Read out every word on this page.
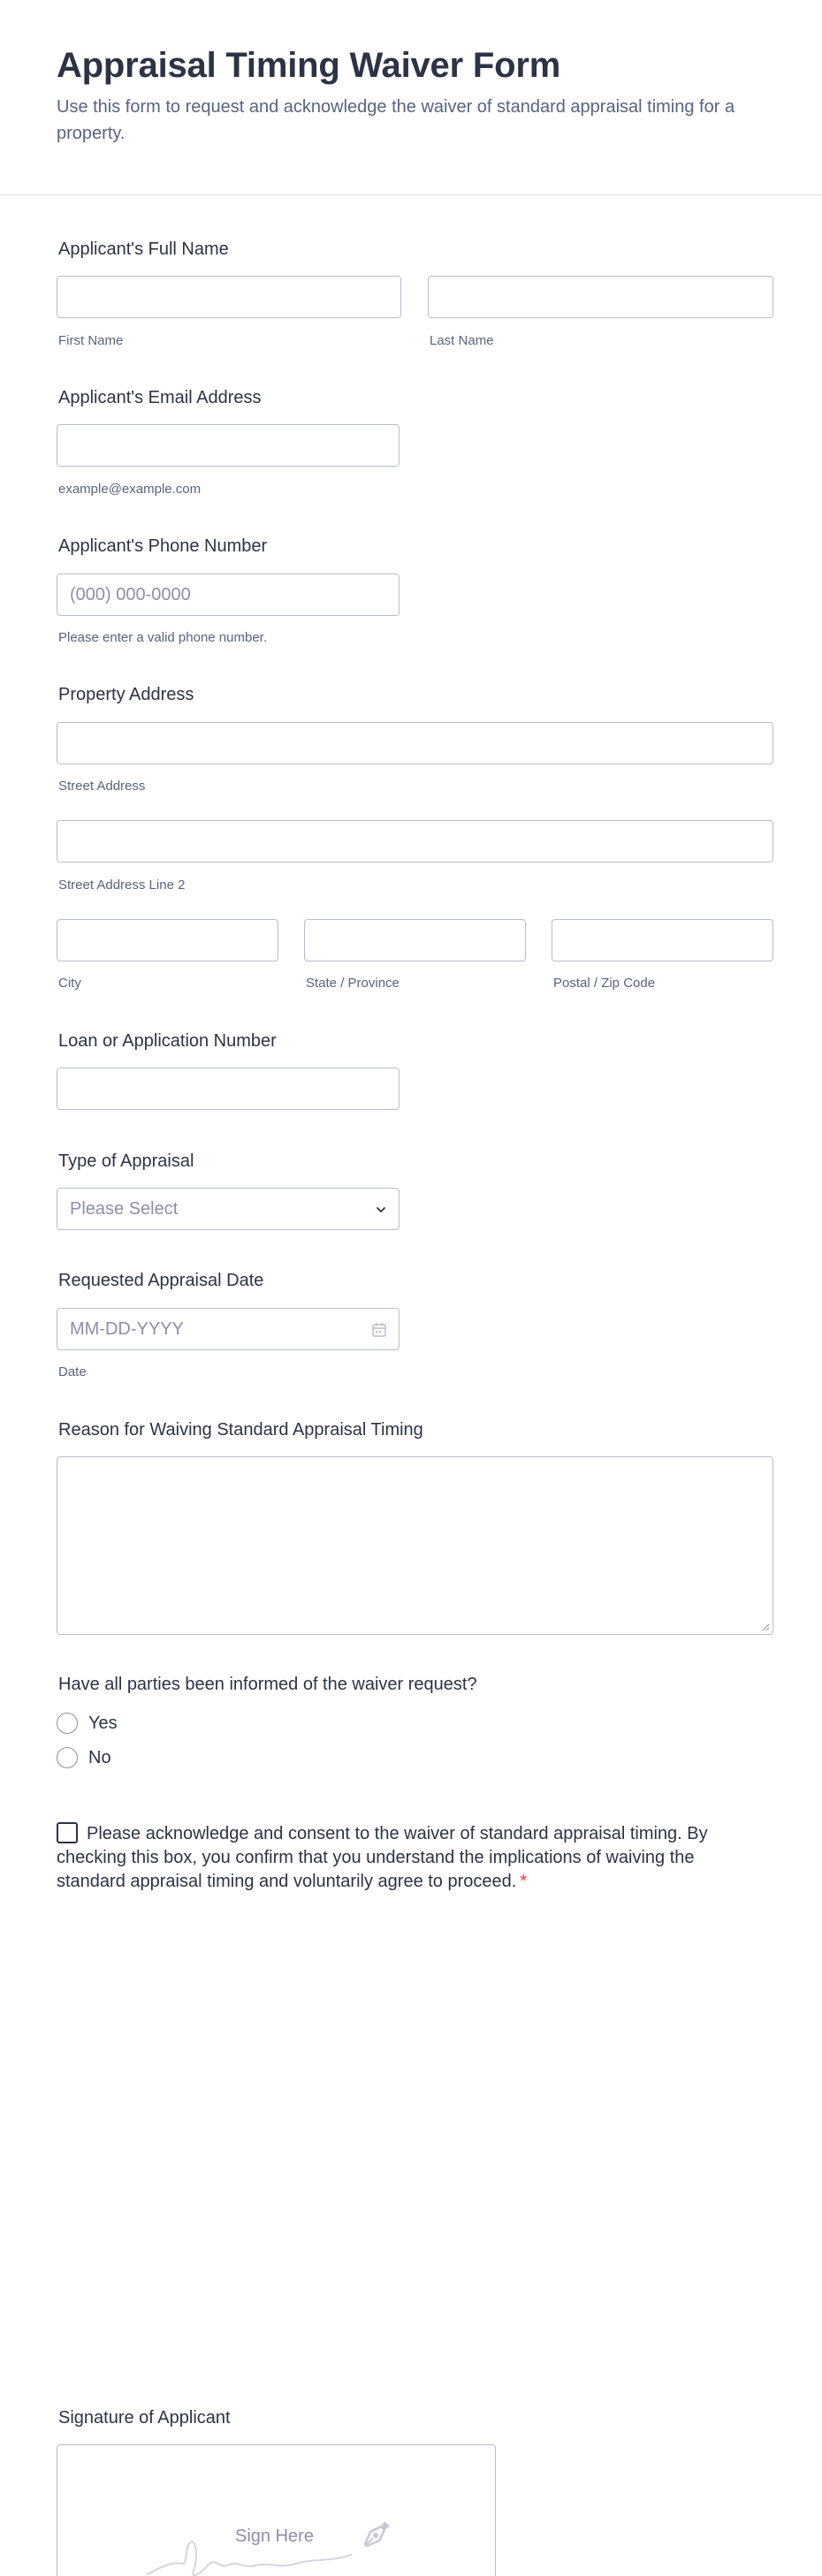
Appraisal Timing Waiver Form
Use this form to request and acknowledge the waiver of standard appraisal timing for a property.
Applicant's Full Name
First Name	Last Name
Applicant's Email Address
example@example.com
Applicant's Phone Number
(000) 000-0000
Please enter a valid phone number.
Property Address
Street Address
Street Address Line 2
City	State / Province	Postal / Zip Code
Loan or Application Number
Type of Appraisal
Please Select
Requested Appraisal Date
MM-DD-YYYY
Date
Reason for Waiving Standard Appraisal Timing
Have all parties been informed of the waiver request?
Yes
No
Please acknowledge and consent to the waiver of standard appraisal timing. By checking this box, you confirm that you understand the implications of waiving the standard appraisal timing and voluntarily agree to proceed. *
Signature of Applicant
Sign Here
